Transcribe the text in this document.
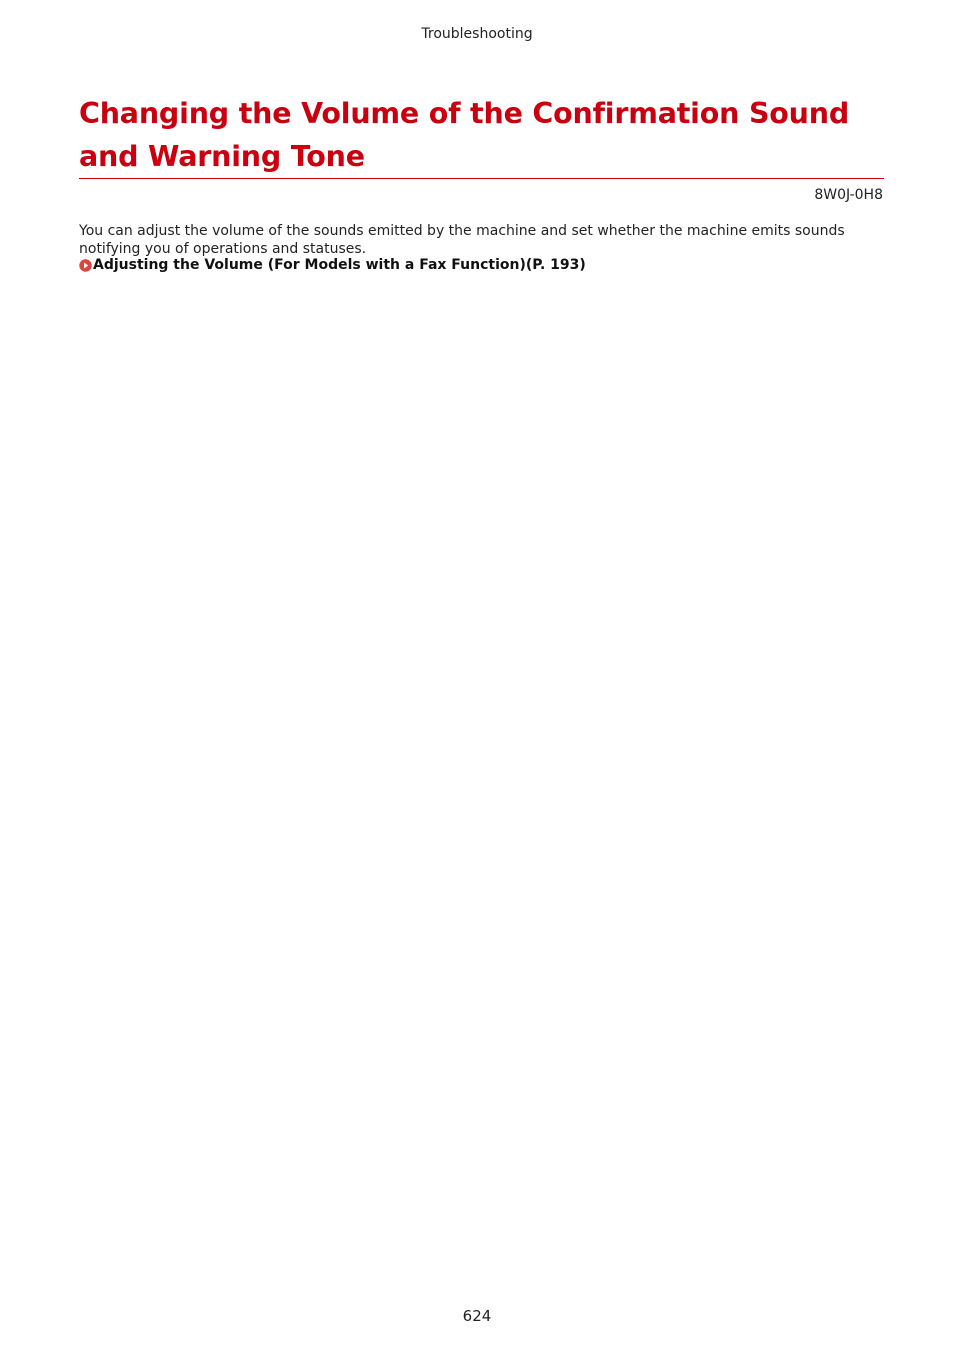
Troubleshooting
Changing the Volume of the Confirmation Sound and Warning Tone
8W0J-0H8

You can adjust the volume of the sounds emitted by the machine and set whether the machine emits sounds notifying you of operations and statuses.

Adjusting the Volume (For Models with a Fax Function)(P. 193)
624
